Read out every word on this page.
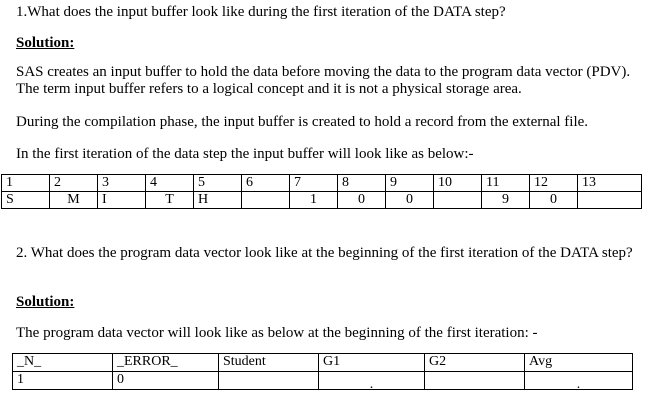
1.What does the input buffer look like during the first iteration of the DATA step?
Solution:
SAS creates an input buffer to hold the data before moving the data to the program data vector (PDV). The term input buffer refers to a logical concept and it is not a physical storage area.
During the compilation phase, the input buffer is created to hold a record from the external file.
In the first iteration of the data step the input buffer will look like as below:-
1	2	3	4	5	6	7	8	9	10	11	12	13
S	M	I	T	H		1	0	0		9	0	
2. What does the program data vector look like at the beginning of the first iteration of the DATA step?
Solution:
The program data vector will look like as below at the beginning of the first iteration: -
_N_	_ERROR_	Student	G1	G2	Avg
1	0		.		.
